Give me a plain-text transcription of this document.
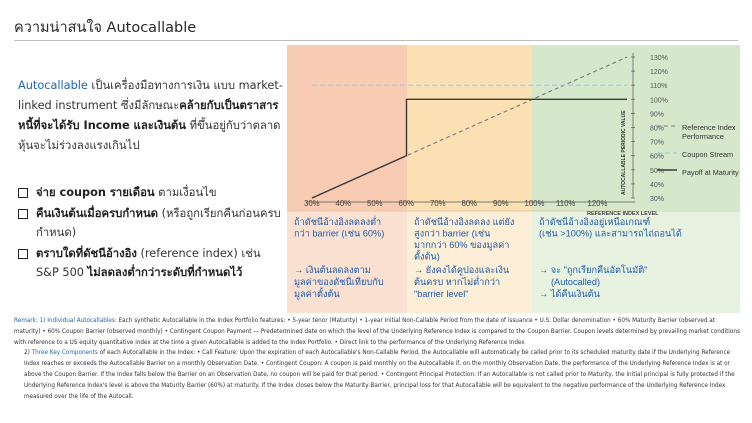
ความน่าสนใจ Autocallable
Autocallable เป็นเครื่องมือทางการเงิน แบบ market-linked instrument ซึ่งมีลักษณะคล้ายกับเป็นตราสารหนี้ที่จะได้รับ Income และเงินต้น ที่ขึ้นอยู่กับว่าตลาดหุ้นจะไม่ร่วงลงแรงเกินไป
จ่าย coupon รายเดือน ตามเงื่อนไข
คืนเงินต้นเมื่อครบกำหนด (หรือถูกเรียกคืนก่อนครบกำหนด)
ตราบใดที่ดัชนีอ้างอิง (reference index) เช่น S&P 500 ไม่ลดลงต่ำกว่าระดับที่กำหนดไว้
30%
40%
50%
60%
70%
80%
90%
100%
110%
120%
130%
30% 40% 50% 60% 70% 80% 90% 100% 110% 120%
REFERENCE INDEX LEVEL
AUTOCALLABLE PERIODIC VALUE	Reference Index
Performance
Coupon Stream
Payoff at Maturity
ถ้าดัชนีอ้างอิงลดลงต่ำ
กว่า barrier (เช่น 60%)
→ เงินต้นลดลงตาม
มูลค่าของดัชนีเทียบกับ
มูลค่าตั้งต้น
ถ้าดัชนีอ้างอิงลดลง แต่ยัง
สูงกว่า barrier (เช่น
มากกว่า 60% ของมูลค่า
ตั้งต้น)
→ ยังคงได้คูปองและเงิน
ต้นครบ หากไม่ต่ำกว่า
"barrier level"
ถ้าดัชนีอ้างอิงอยู่เหนือเกณฑ์
(เช่น >100%) และสามารถไถ่ถอนได้
→ จะ "ถูกเรียกคืนอัตโนมัติ"
(Autocalled)
→ ได้คืนเงินต้น
Remark: 1) Individual Autocallables: Each synthetic Autocallable in the Index Portfolio features: • 5-year tenor (Maturity) • 1-year Initial Non-Callable Period from the date of issuance • U.S. Dollar denomination • 60% Maturity Barrier (observed at maturity) • 60% Coupon Barrier (observed monthly) • Contingent Coupon Payment — Predetermined date on which the level of the Underlying Reference Index is compared to the Coupon Barrier. Coupon levels determined by prevailing market conditions with reference to a US equity quantitative index at the time a given Autocallable is added to the Index Portfolio. • Direct link to the performance of the Underlying Reference Index
2) Three Key Components of each Autocallable in the Index: • Call Feature: Upon the expiration of each Autocallable's Non-Callable Period, the Autocallable will automatically be called prior to its scheduled maturity date if the Underlying Reference Index reaches or exceeds the Autocallable Barrier on a monthly Observation Date. • Contingent Coupon: A coupon is paid monthly on the Autocallable if, on the monthly Observation Date, the performance of the Underlying Reference Index is at or above the Coupon Barrier. If the Index falls below the Barrier on an Observation Date, no coupon will be paid for that period. • Contingent Principal Protection: If an Autocallable is not called prior to Maturity, the initial principal is fully protected if the Underlying Reference Index's level is above the Maturity Barrier (60%) at maturity. If the Index closes below the Maturity Barrier, principal loss for that Autocallable will be equivalent to the negative performance of the Underlying Reference Index measured over the life of the Autocall.
